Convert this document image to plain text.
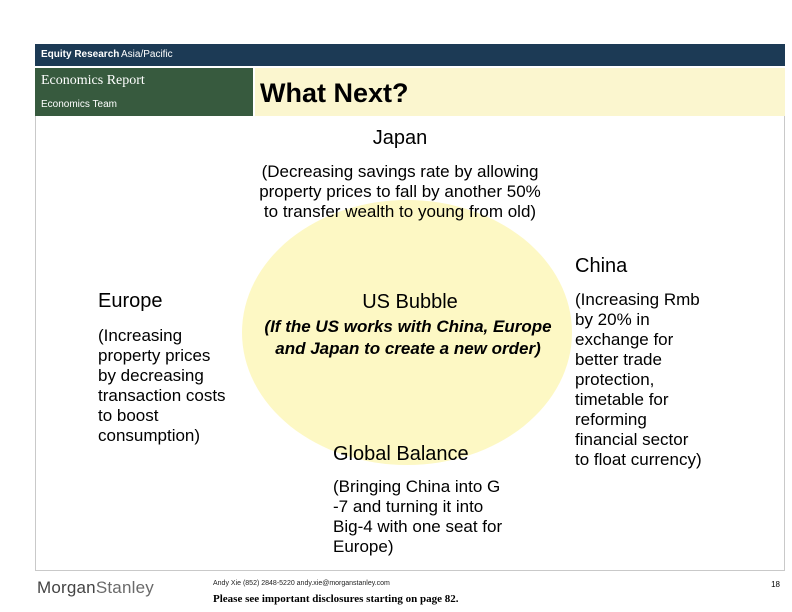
Equity Research Asia/Pacific
Economics Report
Economics Team	What Next?
Japan
(Decreasing savings rate by allowing
property prices to fall by another 50%
to transfer wealth to young from old)
China
(Increasing Rmb
by 20% in
exchange for
better trade
protection,
timetable for
reforming
financial sector
to float currency)
Europe
(Increasing
property prices
by decreasing
transaction costs
to boost
consumption)
US Bubble
(If the US works with China, Europe
and Japan to create a new order)
Global Balance
(Bringing China into G
-7 and turning it into
Big-4 with one seat for
Europe)
MorganStanley	Andy Xie (852) 2848-5220 andy.xie@morganstanley.com
Please see important disclosures starting on page 82.
18
